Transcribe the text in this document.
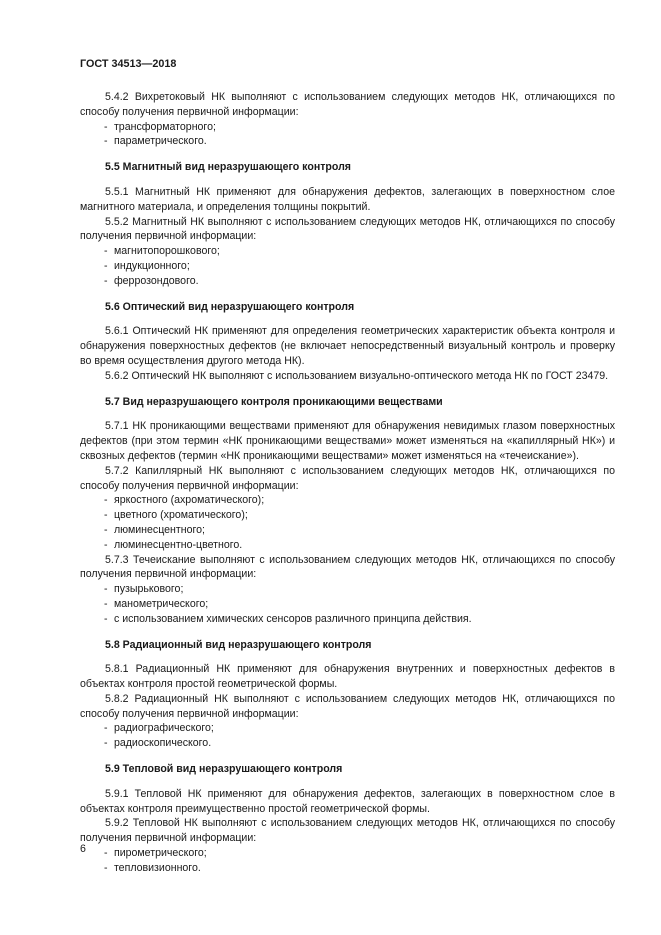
ГОСТ 34513—2018

5.4.2 Вихретоковый НК выполняют с использованием следующих методов НК, отличающихся по способу получения первичной информации:

- трансформаторного;

- параметрического.

5.5 Магнитный вид неразрушающего контроля

5.5.1 Магнитный НК применяют для обнаружения дефектов, залегающих в поверхностном слое магнитного материала, и определения толщины покрытий.

5.5.2 Магнитный НК выполняют с использованием следующих методов НК, отличающихся по способу получения первичной информации:

- магнитопорошкового;

- индукционного;

- феррозондового.

5.6 Оптический вид неразрушающего контроля

5.6.1 Оптический НК применяют для определения геометрических характеристик объекта контроля и обнаружения поверхностных дефектов (не включает непосредственный визуальный контроль и проверку во время осуществления другого метода НК).

5.6.2 Оптический НК выполняют с использованием визуально-оптического метода НК по ГОСТ 23479.

5.7 Вид неразрушающего контроля проникающими веществами

5.7.1 НК проникающими веществами применяют для обнаружения невидимых глазом поверхностных дефектов (при этом термин «НК проникающими веществами» может изменяться на «капиллярный НК») и сквозных дефектов (термин «НК проникающими веществами» может изменяться на «течеискание»).

5.7.2 Капиллярный НК выполняют с использованием следующих методов НК, отличающихся по способу получения первичной информации:

- яркостного (ахроматического);

- цветного (хроматического);

- люминесцентного;

- люминесцентно-цветного.

5.7.3 Течеискание выполняют с использованием следующих методов НК, отличающихся по способу получения первичной информации:

- пузырькового;

- манометрического;

- с использованием химических сенсоров различного принципа действия.

5.8 Радиационный вид неразрушающего контроля

5.8.1 Радиационный НК применяют для обнаружения внутренних и поверхностных дефектов в объектах контроля простой геометрической формы.

5.8.2 Радиационный НК выполняют с использованием следующих методов НК, отличающихся по способу получения первичной информации:

- радиографического;

- радиоскопического.

5.9 Тепловой вид неразрушающего контроля

5.9.1 Тепловой НК применяют для обнаружения дефектов, залегающих в поверхностном слое в объектах контроля преимущественно простой геометрической формы.

5.9.2 Тепловой НК выполняют с использованием следующих методов НК, отличающихся по способу получения первичной информации:

- пирометрического;

- тепловизионного.

6
